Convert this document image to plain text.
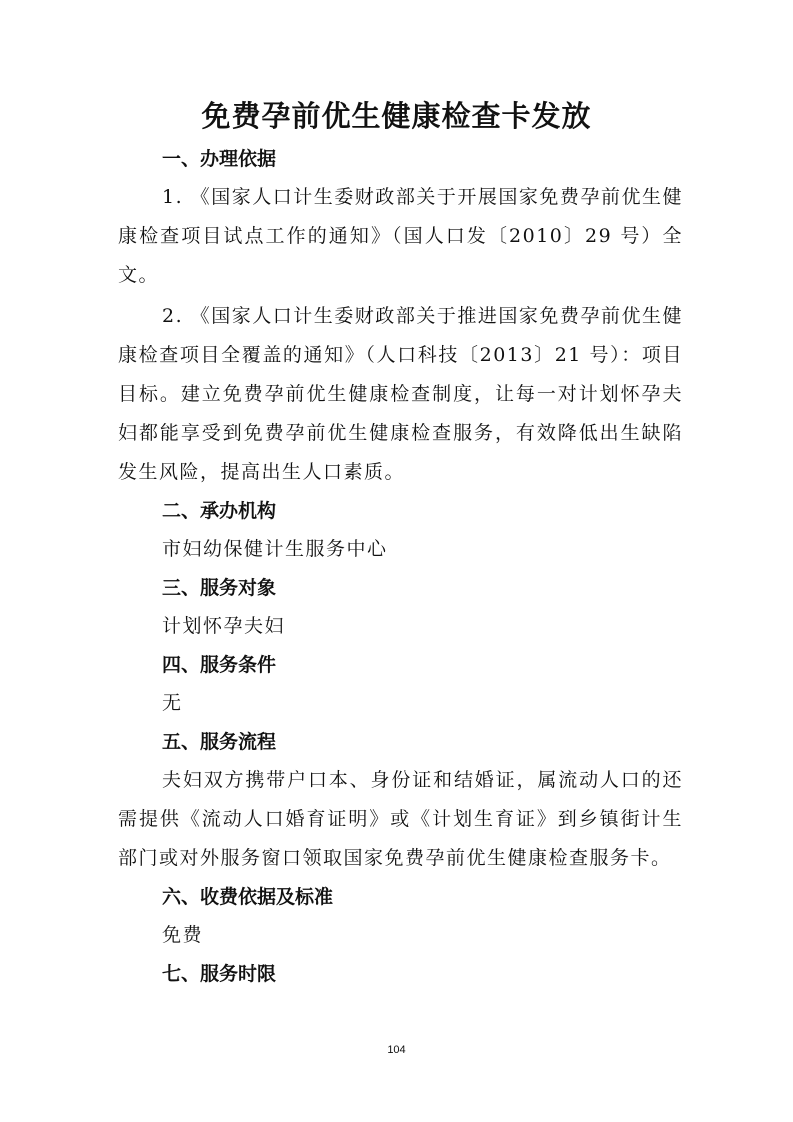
免费孕前优生健康检查卡发放
一、办理依据

1. 《国家人口计生委财政部关于开展国家免费孕前优生健康检查项目试点工作的通知》（国人口发〔2010〕29 号）全文。

2. 《国家人口计生委财政部关于推进国家免费孕前优生健康检查项目全覆盖的通知》（人口科技〔2013〕21 号）：项目目标。建立免费孕前优生健康检查制度，让每一对计划怀孕夫妇都能享受到免费孕前优生健康检查服务，有效降低出生缺陷发生风险，提高出生人口素质。

二、承办机构

市妇幼保健计生服务中心

三、服务对象

计划怀孕夫妇

四、服务条件

无

五、服务流程

夫妇双方携带户口本、身份证和结婚证，属流动人口的还需提供《流动人口婚育证明》或《计划生育证》到乡镇街计生部门或对外服务窗口领取国家免费孕前优生健康检查服务卡。

六、收费依据及标准

免费

七、服务时限
104
